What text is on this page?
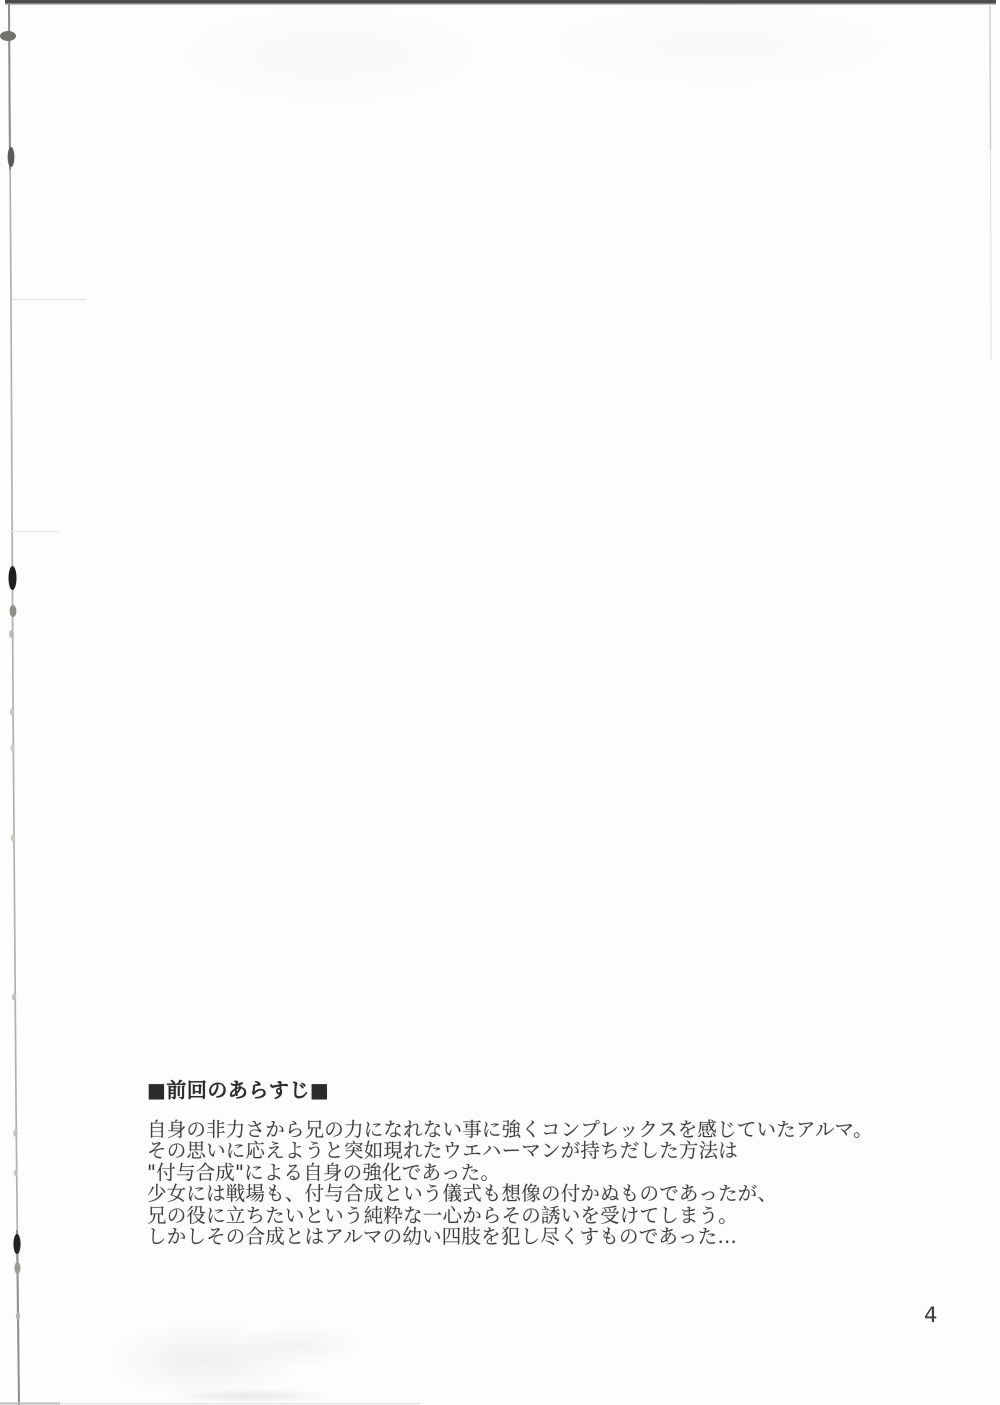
■前回のあらすじ■
自身の非力さから兄の力になれない事に強くコンプレックスを感じていたアルマ。
その思いに応えようと突如現れたウエハーマンが持ちだした方法は
"付与合成"による自身の強化であった。
少女には戦場も、付与合成という儀式も想像の付かぬものであったが、
兄の役に立ちたいという純粋な一心からその誘いを受けてしまう。
しかしその合成とはアルマの幼い四肢を犯し尽くすものであった…
4
